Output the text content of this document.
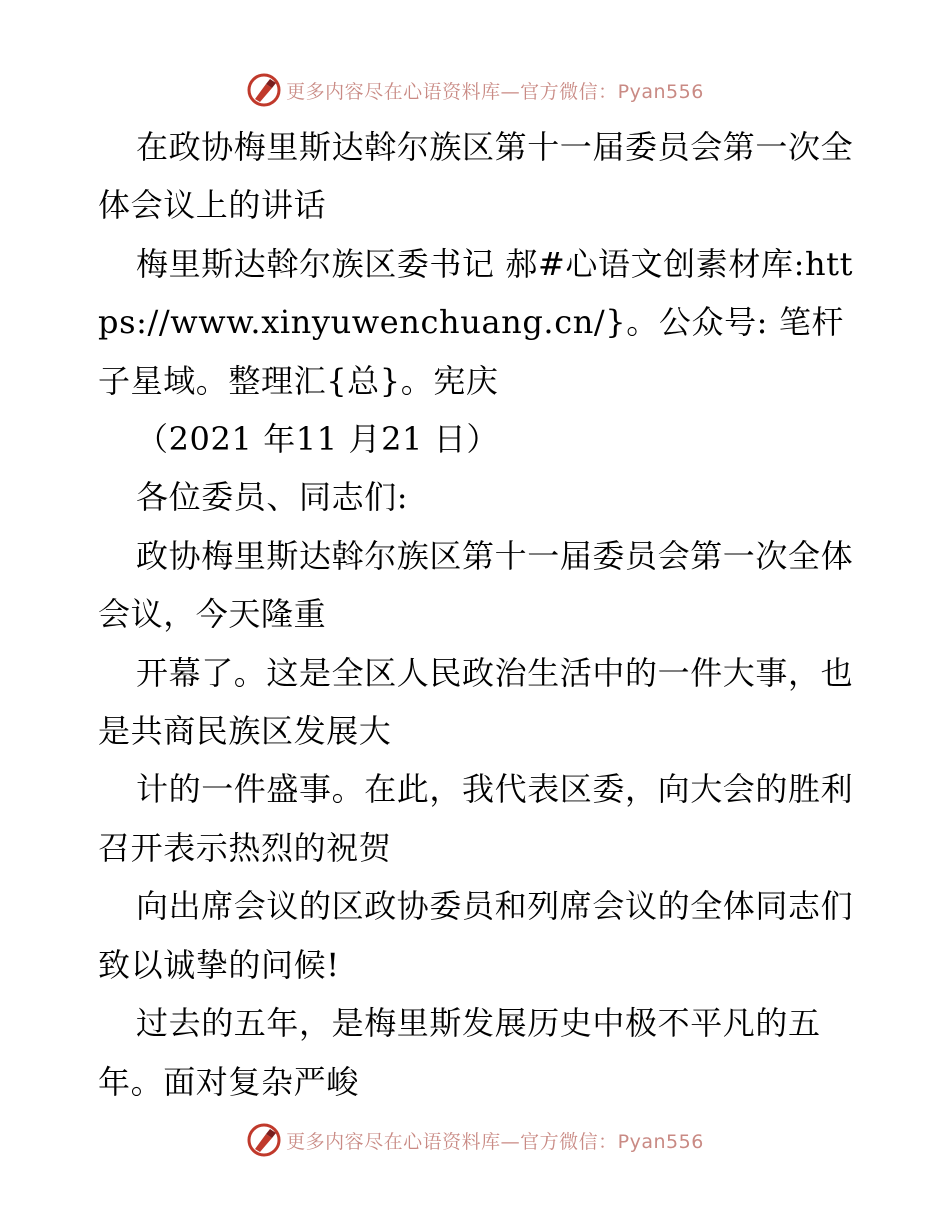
更多内容尽在心语资料库—官方微信：Pyan556

在政协梅里斯达斡尔族区第十一届委员会第一次全体会议上的讲话

梅里斯达斡尔族区委书记 郝#心语文创素材库:https://www.xinyuwenchuang.cn/}。公众号: 笔杆子星域。整理汇{总}。宪庆

（2021 年11 月21 日）

各位委员、同志们:

政协梅里斯达斡尔族区第十一届委员会第一次全体会议，今天隆重

开幕了。这是全区人民政治生活中的一件大事，也是共商民族区发展大

计的一件盛事。在此，我代表区委，向大会的胜利召开表示热烈的祝贺

向出席会议的区政协委员和列席会议的全体同志们致以诚挚的问候!

过去的五年，是梅里斯发展历史中极不平凡的五年。面对复杂严峻

更多内容尽在心语资料库—官方微信：Pyan556
